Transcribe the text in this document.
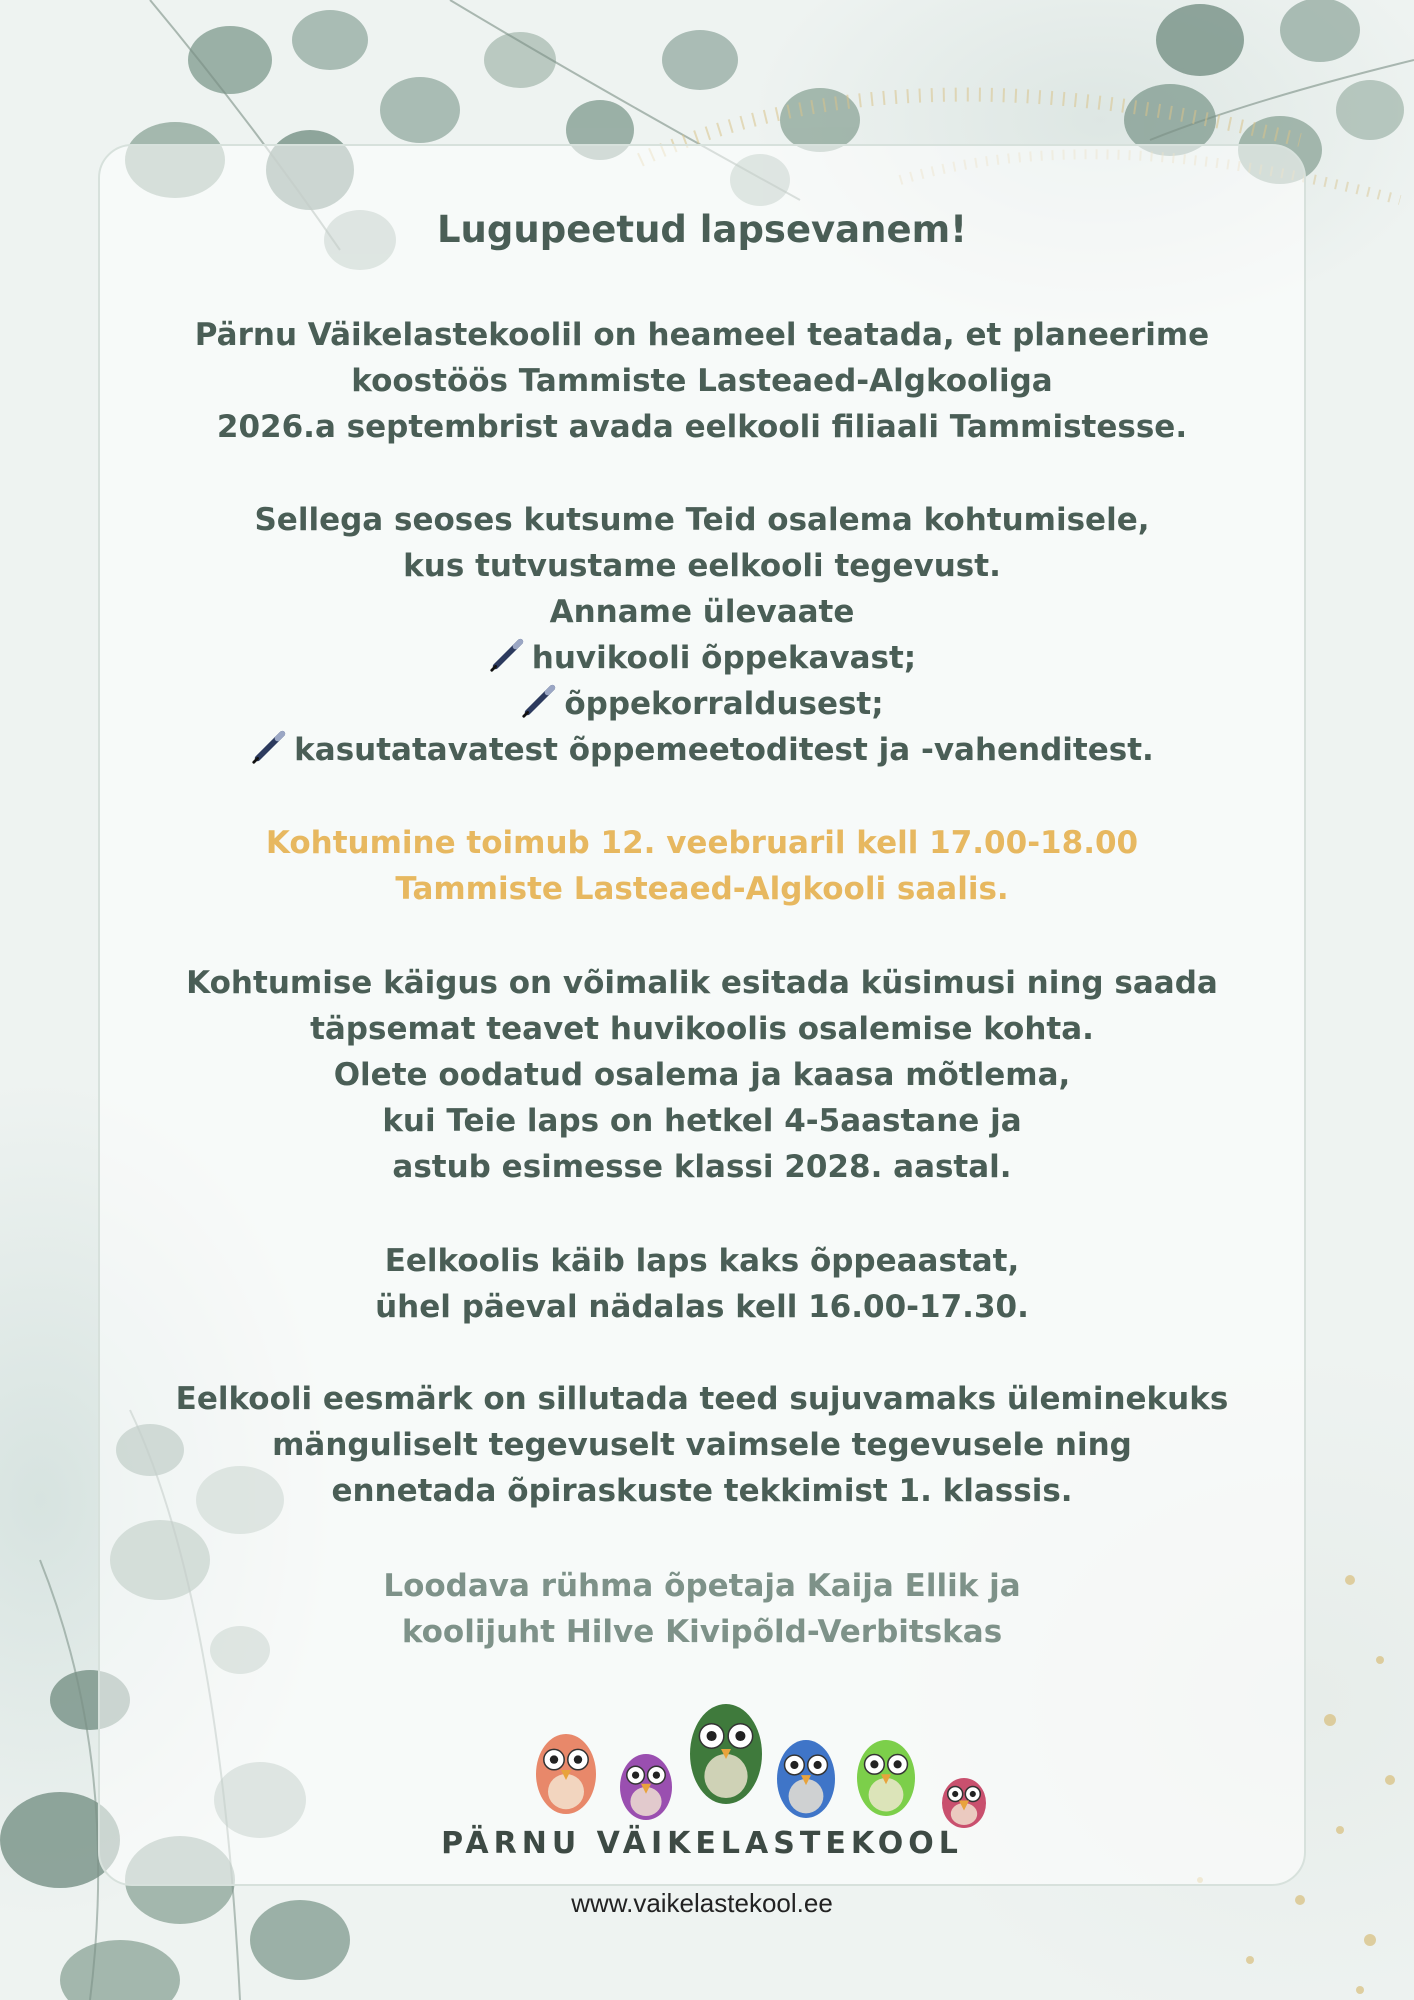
Lugupeetud lapsevanem!
Pärnu Väikelastekoolil on heameel teatada, et planeerime
koostöös Tammiste Lasteaed-Algkooliga
2026.a septembrist avada eelkooli filiaali Tammistesse.
Sellega seoses kutsume Teid osalema kohtumisele,
kus tutvustame eelkooli tegevust.
Anname ülevaate
huvikooli õppekavast;
õppekorraldusest;
kasutatavatest õppemeetoditest ja -vahenditest.
Kohtumine toimub 12. veebruaril kell 17.00-18.00
Tammiste Lasteaed-Algkooli saalis.
Kohtumise käigus on võimalik esitada küsimusi ning saada
täpsemat teavet huvikoolis osalemise kohta.
Olete oodatud osalema ja kaasa mõtlema,
kui Teie laps on hetkel 4-5aastane ja
astub esimesse klassi 2028. aastal.
Eelkoolis käib laps kaks õppeaastat,
ühel päeval nädalas kell 16.00-17.30.
Eelkooli eesmärk on sillutada teed sujuvamaks üleminekuks
mänguliselt tegevuselt vaimsele tegevusele ning
ennetada õpiraskuste tekkimist 1. klassis.
Loodava rühma õpetaja Kaija Ellik ja
koolijuht Hilve Kivipõld-Verbitskas
PÄRNU VÄIKELASTEKOOL
www.vaikelastekool.ee
